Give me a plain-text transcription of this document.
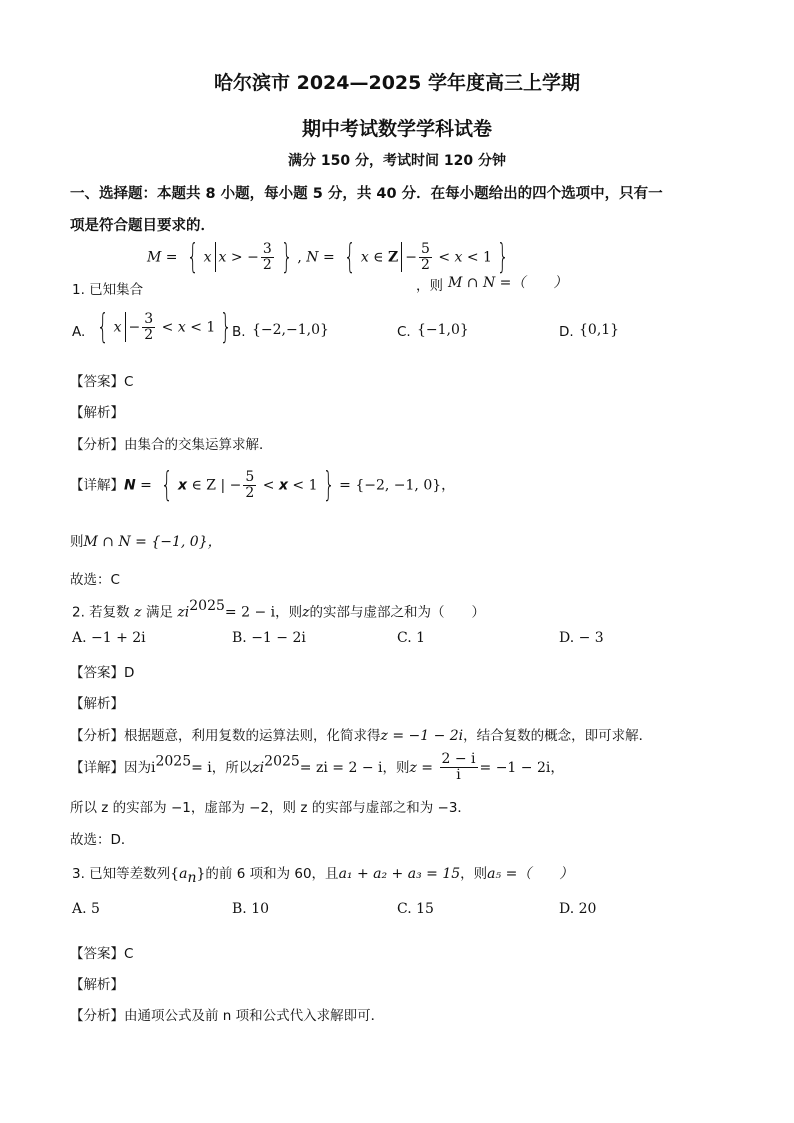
哈尔滨市 2024—2025 学年度高三上学期
期中考试数学学科试卷
满分 150 分，考试时间 120 分钟
一、选择题：本题共 8 小题，每小题 5 分，共 40 分．在每小题给出的四个选项中，只有一
项是符合题目要求的．
M = { x x > − $\frac{3}{2}$ } , N = { x ∈ $Z - \frac{5}{2} < x < 1$ }
1. 已知集合	，则 M ∩ N =（　　）
A. { $x - \frac{3}{2} < x < 1$ } B. {−2,−1,0}	C. {−1,0}	D. {0,1}
【答案】C
【解析】
【分析】由集合的交集运算求解．
【详解】N = { x ∈ Z | − $\frac{5}{2} < x < 1$ } = {−2, −1, 0}，
则M ∩ N = {−1, 0}，
故选：C
2. 若复数 z 满足 $zi^{2025}= 2 - i$，则z的实部与虚部之和为（　　）
A. −1 + 2i	B. −1 − 2i	C. 1	D. − 3
【答案】D
【解析】
【分析】根据题意，利用复数的运算法则，化简求得z = −1 − 2i，结合复数的概念，即可求解．
【详解】因为$i^{2025}= i$，所以$zi^{2025}=$ zi = 2 − i，则$z = \frac{2 - i}{i} = -1 - 2i$，
所以 z 的实部为 −1，虚部为 −2，则 z 的实部与虚部之和为 −3．
故选：D．
3. 已知等差数列$\{a_n\}$的前 6 项和为 60，且a₁ + a₂ + a₃ = 15，则a₅ =（　　）
A. 5	B. 10	C. 15	D. 20
【答案】C
【解析】
【分析】由通项公式及前 n 项和公式代入求解即可．
